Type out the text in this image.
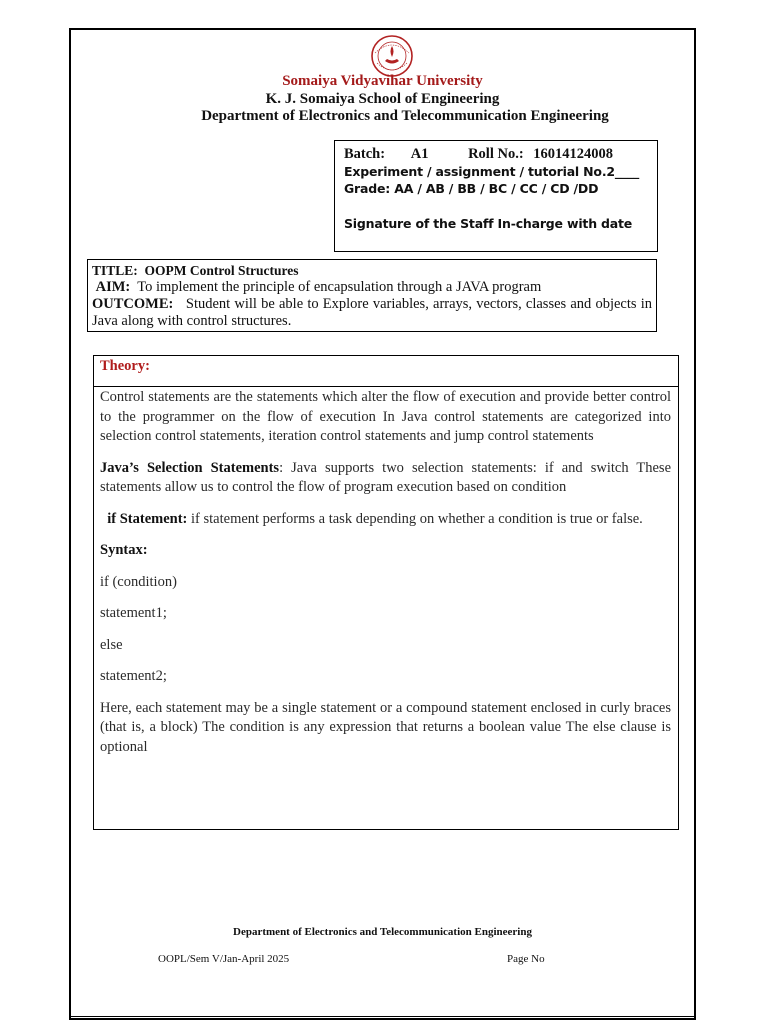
Somaiya Vidyavihar University
K. J. Somaiya School of Engineering
Department of Electronics and Telecommunication Engineering
Batch: A1	Roll No.: 16014124008
Experiment / assignment / tutorial No.2____
Grade: AA / AB / BB / BC / CC / CD /DD
Signature of the Staff In-charge with date
TITLE: OOPM Control Structures
AIM: To implement the principle of encapsulation through a JAVA program
OUTCOME: Student will be able to Explore variables, arrays, vectors, classes and objects in Java along with control structures.
Theory:

Control statements are the statements which alter the flow of execution and provide better control to the programmer on the flow of execution In Java control statements are categorized into selection control statements, iteration control statements and jump control statements

Java’s Selection Statements: Java supports two selection statements: if and switch These statements allow us to control the flow of program execution based on condition

if Statement: if statement performs a task depending on whether a condition is true or false.

Syntax:

if (condition)

statement1;

else

statement2;

Here, each statement may be a single statement or a compound statement enclosed in curly braces (that is, a block) The condition is any expression that returns a boolean value The else clause is optional

Department of Electronics and Telecommunication Engineering
OOPL/Sem V/Jan-April 2025	Page No
